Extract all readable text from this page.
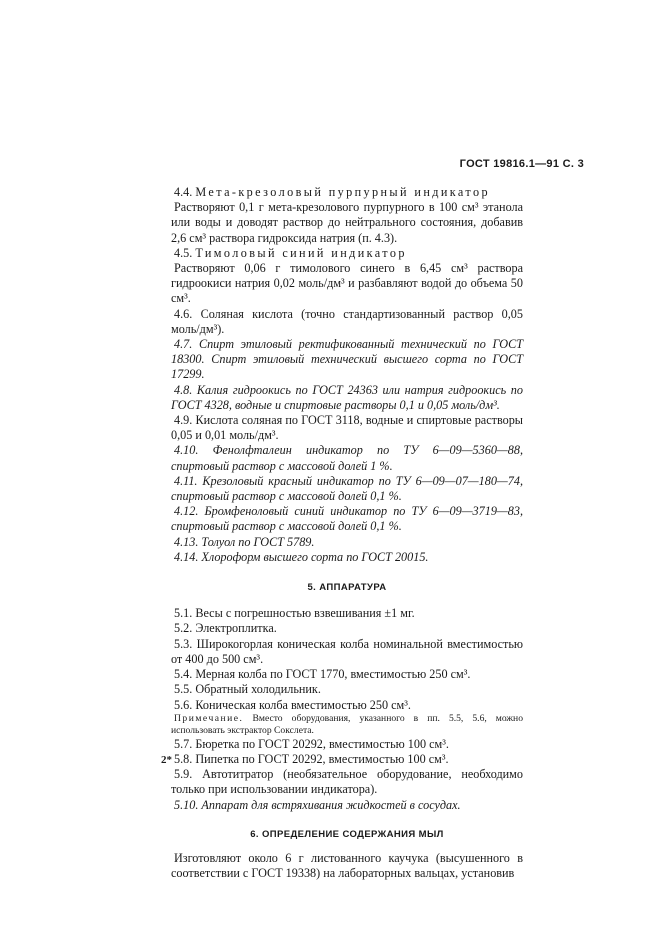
ГОСТ 19816.1—91 С. 3

4.4. Мета-крезоловый пурпурный индикатор

Растворяют 0,1 г мета-крезолового пурпурного в 100 см³ этанола или воды и доводят раствор до нейтрального состояния, добавив 2,6 см³ раствора гидроксида натрия (п. 4.3).

4.5. Тимоловый синий индикатор

Растворяют 0,06 г тимолового синего в 6,45 см³ раствора гидроокиси натрия 0,02 моль/дм³ и разбавляют водой до объема 50 см³.

4.6. Соляная кислота (точно стандартизованный раствор 0,05 моль/дм³).

4.7. Спирт этиловый ректификованный технический по ГОСТ 18300. Спирт этиловый технический высшего сорта по ГОСТ 17299.

4.8. Калия гидроокись по ГОСТ 24363 или натрия гидроокись по ГОСТ 4328, водные и спиртовые растворы 0,1 и 0,05 моль/дм³.

4.9. Кислота соляная по ГОСТ 3118, водные и спиртовые растворы 0,05 и 0,01 моль/дм³.

4.10. Фенолфталеин индикатор по ТУ 6—09—5360—88, спиртовый раствор с массовой долей 1 %.

4.11. Крезоловый красный индикатор по ТУ 6—09—07—180—74, спиртовый раствор с массовой долей 0,1 %.

4.12. Бромфеноловый синий индикатор по ТУ 6—09—3719—83, спиртовый раствор с массовой долей 0,1 %.

4.13. Толуол по ГОСТ 5789.

4.14. Хлороформ высшего сорта по ГОСТ 20015.

5. АППАРАТУРА

5.1. Весы с погрешностью взвешивания ±1 мг.

5.2. Электроплитка.

5.3. Широкогорлая коническая колба номинальной вместимостью от 400 до 500 см³.

5.4. Мерная колба по ГОСТ 1770, вместимостью 250 см³.

5.5. Обратный холодильник.

5.6. Коническая колба вместимостью 250 см³.

Примечание. Вместо оборудования, указанного в пп. 5.5, 5.6, можно использовать экстрактор Сокслета.

5.7. Бюретка по ГОСТ 20292, вместимостью 100 см³.

5.8. Пипетка по ГОСТ 20292, вместимостью 100 см³.

5.9. Автотитратор (необязательное оборудование, необходимо только при использовании индикатора).

5.10. Аппарат для встряхивания жидкостей в сосудах.

6. ОПРЕДЕЛЕНИЕ СОДЕРЖАНИЯ МЫЛ

Изготовляют около 6 г листованного каучука (высушенного в соответствии с ГОСТ 19338) на лабораторных вальцах, установив

2*
